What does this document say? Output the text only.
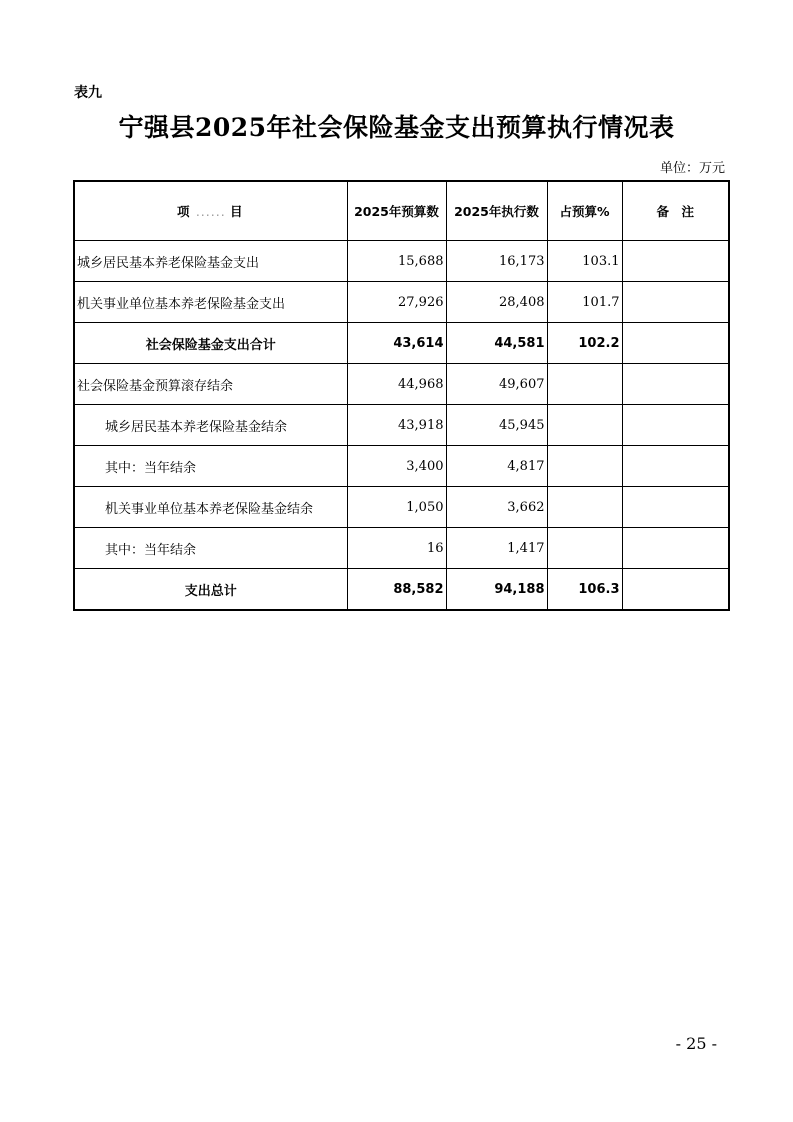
表九
宁强县2025年社会保险基金支出预算执行情况表
单位：万元
项 ...... 目	2025年预算数	2025年执行数	占预算%	备　注
城乡居民基本养老保险基金支出	15,688	16,173	103.1	
机关事业单位基本养老保险基金支出	27,926	28,408	101.7	
社会保险基金支出合计	43,614	44,581	102.2	
社会保险基金预算滚存结余	44,968	49,607		
城乡居民基本养老保险基金结余	43,918	45,945		
其中：当年结余	3,400	4,817		
机关事业单位基本养老保险基金结余	1,050	3,662		
其中：当年结余	16	1,417		
支出总计	88,582	94,188	106.3	
- 25 -
